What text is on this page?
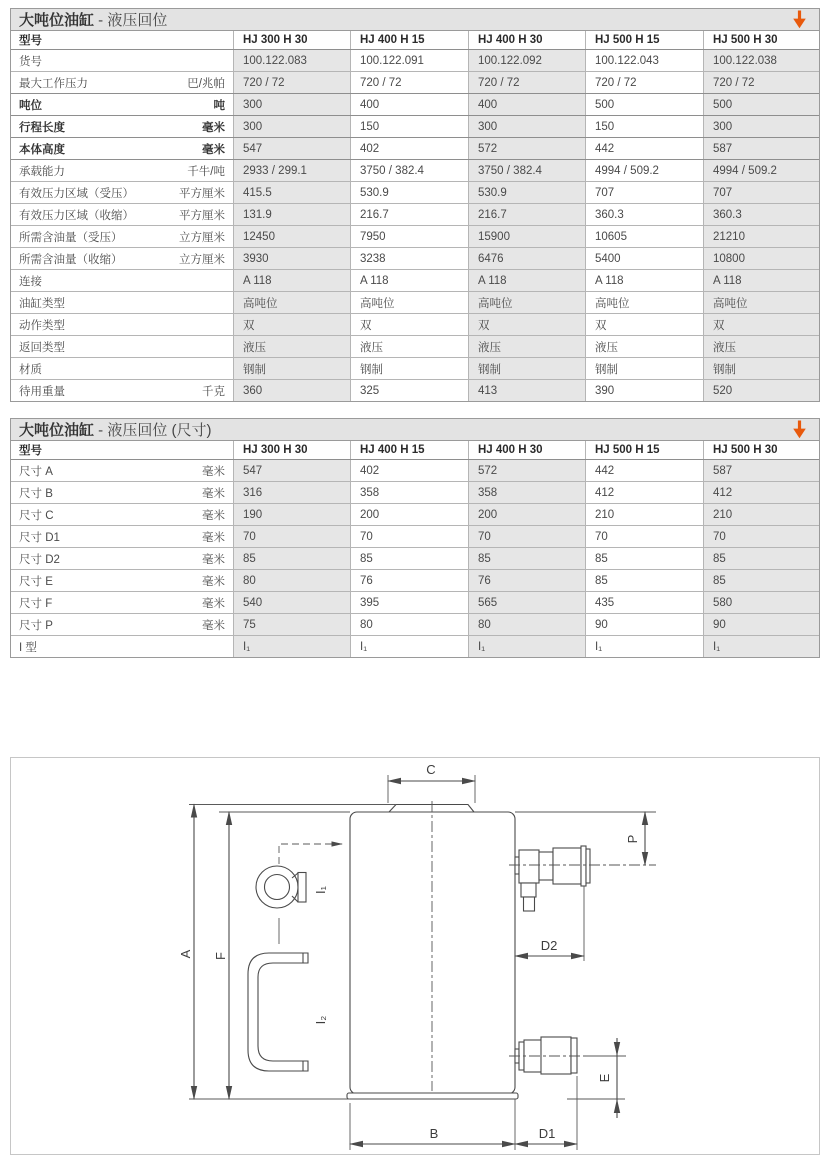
大吨位油缸 - 液压回位
型号	HJ 300 H 30	HJ 400 H 15	HJ 400 H 30	HJ 500 H 15	HJ 500 H 30
货号	100.122.083	100.122.091	100.122.092	100.122.043	100.122.038
最大工作压力	巴/兆帕	720 / 72	720 / 72	720 / 72	720 / 72	720 / 72
吨位	吨	300	400	400	500	500
行程长度	毫米	300	150	300	150	300
本体高度	毫米	547	402	572	442	587
承载能力	千牛/吨	2933 / 299.1	3750 / 382.4	3750 / 382.4	4994 / 509.2	4994 / 509.2
有效压力区域（受压）	平方厘米	415.5	530.9	530.9	707	707
有效压力区域（收缩）	平方厘米	131.9	216.7	216.7	360.3	360.3
所需含油量（受压）	立方厘米	12450	7950	15900	10605	21210
所需含油量（收缩）	立方厘米	3930	3238	6476	5400	10800
连接	A 118	A 118	A 118	A 118	A 118
油缸类型	高吨位	高吨位	高吨位	高吨位	高吨位
动作类型	双	双	双	双	双
返回类型	液压	液压	液压	液压	液压
材质	钢制	钢制	钢制	钢制	钢制
待用重量	千克	360	325	413	390	520
大吨位油缸 - 液压回位 (尺寸)
型号	HJ 300 H 30	HJ 400 H 15	HJ 400 H 30	HJ 500 H 15	HJ 500 H 30
尺寸 A	毫米	547	402	572	442	587
尺寸 B	毫米	316	358	358	412	412
尺寸 C	毫米	190	200	200	210	210
尺寸 D1	毫米	70	70	70	70	70
尺寸 D2	毫米	85	85	85	85	85
尺寸 E	毫米	80	76	76	85	85
尺寸 F	毫米	540	395	565	435	580
尺寸 P	毫米	75	80	80	90	90
I 型	I₁	I₁	I₁	I₁	I₁
C
A F
P
D2
E
B	D1
I₁
I₂
